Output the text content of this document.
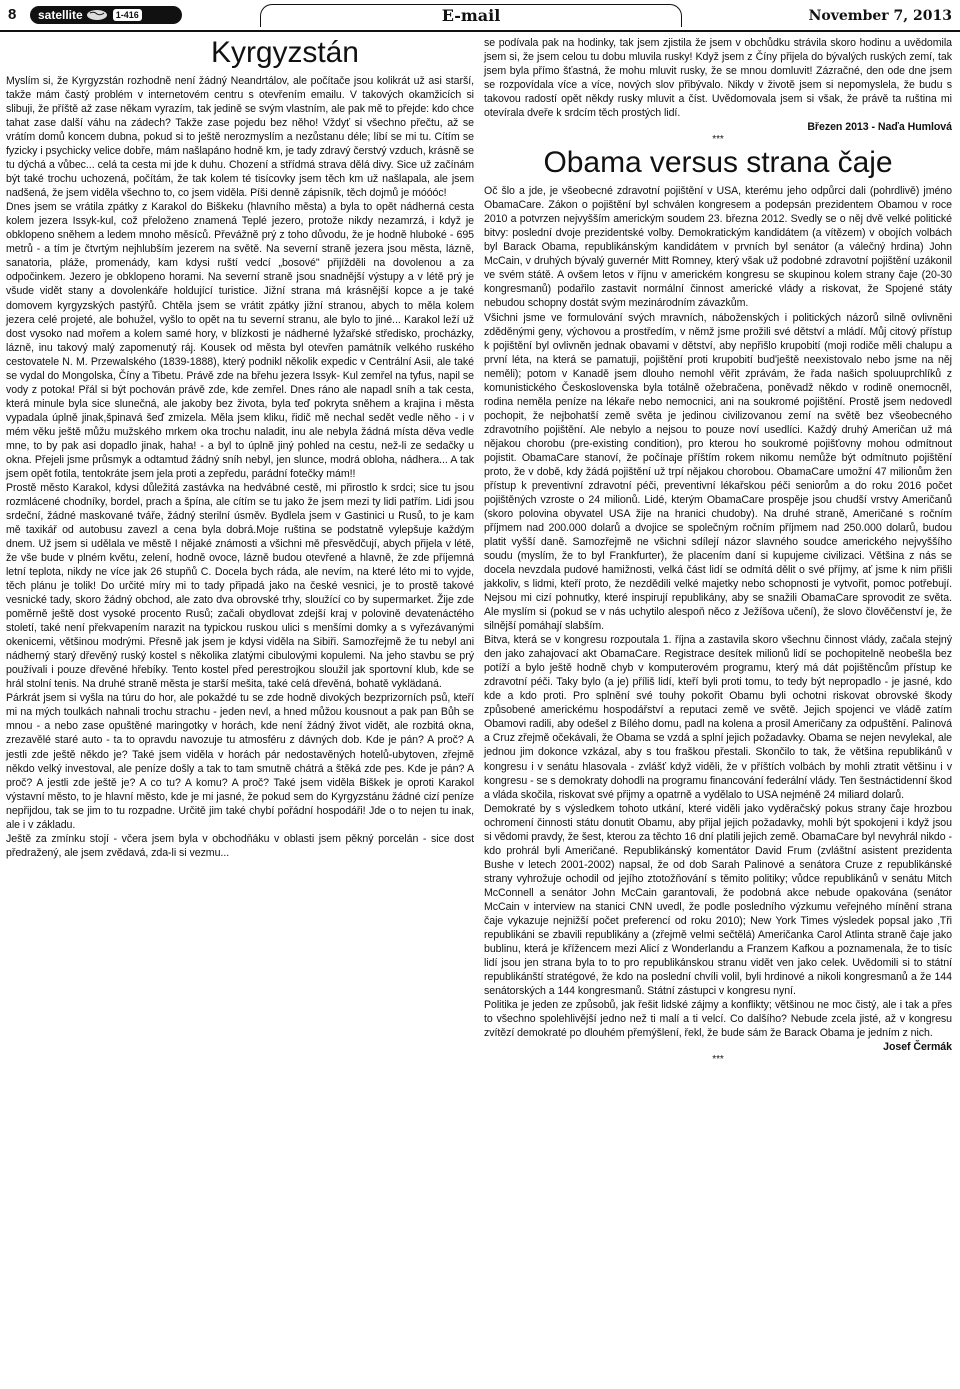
8 satellite	1-416	E-mail	November 7, 2013
Kyrgyzstán

Myslím si, že Kyrgyzstán rozhodně není žádný Neandrtálov, ale počítače jsou kolikrát už asi starší, takže mám častý problém v internetovém centru s otevřením emailu. V takových okamžicích si slibuji, že příště až zase někam vyrazím, tak jedině se svým vlastním, ale pak mě to přejde: kdo chce tahat zase další váhu na zádech? Takže zase pojedu bez něho! Vždyť si všechno přečtu, až se vrátím domů koncem dubna, pokud si to ještě nerozmyslím a nezůstanu déle; líbí se mi tu. Cítím se fyzicky i psychicky velice dobře, mám našlapáno hodně km, je tady zdravý čerstvý vzduch, krásně se tu dýchá a vůbec... celá ta cesta mi jde k duhu. Chození a střídmá strava dělá divy. Sice už začínám být také trochu uchozená, počítám, že tak kolem té tisícovky jsem těch km už našlapala, ale jsem nadšená, že jsem viděla všechno to, co jsem viděla. Píši denně zápisník, těch dojmů je móóóc!

Dnes jsem se vrátila zpátky z Karakol do Biškeku (hlavního města) a byla to opět nádherná cesta kolem jezera Issyk-kul, což přeloženo znamená Teplé jezero, protože nikdy nezamrzá, i když je obklopeno sněhem a ledem mnoho měsíců. Převážně prý z toho důvodu, že je hodně hluboké - 695 metrů - a tím je čtvrtým nejhlubším jezerem na světě. Na severní straně jezera jsou města, lázně, sanatoria, pláže, promenády, kam kdysi ruští vedcí „bosové" přijížděli na dovolenou a za odpočinkem. Jezero je obklopeno horami. Na severní straně jsou snadnější výstupy a v létě prý je všude vidět stany a dovolenkáře holdující turistice. Jižní strana má krásnější kopce a je také domovem kyrgyzských pastýřů. Chtěla jsem se vrátit zpátky jižní stranou, abych to měla kolem jezera celé projeté, ale bohužel, vyšlo to opět na tu severní stranu, ale bylo to jiné... Karakol leží už dost vysoko nad mořem a kolem samé hory, v blízkosti je nádherné lyžařské středisko, procházky, lázně, inu takový malý zapomenutý ráj. Kousek od města byl otevřen památník velkého ruského cestovatele N. M. Przewalského (1839-1888), který podnikl několik expedic v Centrální Asii, ale také se vydal do Mongolska, Číny a Tibetu. Právě zde na břehu jezera Issyk- Kul zemřel na tyfus, napil se vody z potoka! Přál si být pochován právě zde, kde zemřel. Dnes ráno ale napadl sníh a tak cesta, která minule byla sice slunečná, ale jakoby bez života, byla teď pokryta sněhem a krajina i města vypadala úplně jinak,špinavá šeď zmizela. Měla jsem kliku, řidič mě nechal sedět vedle něho - i v mém věku ještě můžu mužského mrkem oka trochu naladit, inu ale nebyla žádná místa děva vedle mne, to by pak asi dopadlo jinak, haha! - a byl to úplně jiný pohled na cestu, než-li ze sedačky u okna. Přejeli jsme průsmyk a odtamtud žádný sníh nebyl, jen slunce, modrá obloha, nádhera... A tak jsem opět fotila, tentokráte jsem jela proti a zepředu, parádní fotečky mám!!

Prostě město Karakol, kdysi důležitá zastávka na hedvábné cestě, mi přirostlo k srdci; sice tu jsou rozmlácené chodníky, bordel, prach a špína, ale cítím se tu jako že jsem mezi ty lidi patřím. Lidi jsou srdeční, žádné maskované tváře, žádný sterilní úsměv. Bydlela jsem v Gastinici u Rusů, to je kam mě taxikář od autobusu zavezl a cena byla dobrá.Moje ruština se podstatně vylepšuje každým dnem. Už jsem si udělala ve městě I nějaké známosti a všichni mě přesvědčují, abych přijela v létě, že vše bude v plném květu, zelení, hodně ovoce, lázně budou otevřené a hlavně, že zde příjemná letní teplota, nikdy ne více jak 26 stupňů C. Docela bych ráda, ale nevím, na které léto mi to vyjde, těch plánu je tolik! Do určité míry mi to tady připadá jako na české vesnici, je to prostě takové vesnické tady, skoro žádný obchod, ale zato dva obrovské trhy, sloužící co by supermarket. Žije zde poměrně ještě dost vysoké procento Rusů; začali obydlovat zdejší kraj v polovině devatenáctého století, také není překvapením narazit na typickou ruskou ulici s menšími domky a s vyřezávanými okenicemi, většinou modrými. Přesně jak jsem je kdysi viděla na Sibiři. Samozřejmě že tu nebyl ani nádherný starý dřevěný ruský kostel s několika zlatými cibulovými kopulemi. Na jeho stavbu se prý používali i pouze dřevěné hřebíky. Tento kostel před perestrojkou sloužil jak sportovní klub, kde se hrál stolní tenis. Na druhé straně města je starší mešita, také celá dřevěná, bohatě vyklädaná.

Párkrát jsem si vyšla na túru do hor, ale pokaždé tu se zde hodně divokých bezprizorních psů, kteří mi na mých toulkách nahnali trochu strachu - jeden nevl, a hned můžou kousnout a pak pan Bůh se mnou - a nebo zase opuštěné maringotky v horách, kde není žádný život vidět, ale rozbitá okna, zrezavělé staré auto - ta to opravdu navozuje tu atmosféru z dávných dob. Kde je pán? A proč? A jestli zde ještě někdo je? Také jsem viděla v horách pár nedostavěných hotelů-ubytoven, zřejmě někdo velký investoval, ale peníze došly a tak to tam smutně chátrá a štěká zde pes. Kde je pán? A proč? A jestli zde ještě je? A co tu? A komu? A proč? Také jsem viděla Biškek je oproti Karakol výstavní město, to je hlavní město, kde je mi jasné, že pokud sem do Kyrgyzstánu žádné cizí peníze nepřijdou, tak se jim to tu rozpadne. Určitě jim také chybí pořádní hospodáři! Jde o to nejen tu inak, ale i v základu.

Ještě za zmínku stojí - včera jsem byla v obchodňáku v oblasti jsem pěkný porcelán - sice dost předražený, ale jsem zvědavá, zda-li si vezmu...

se podívala pak na hodinky, tak jsem zjistila že jsem v obchůdku strávila skoro hodinu a uvědomila jsem si, že jsem celou tu dobu mluvila rusky! Když jsem z Číny přijela do bývalých ruských zemí, tak jsem byla přímo šťastná, že mohu mluvit rusky, že se mnou domluvit! Zázračné, den ode dne jsem se rozpovídala více a více, nových slov přibývalo. Nikdy v životě jsem si nepomyslela, že budu s takovou radostí opět někdy rusky mluvit a číst. Uvědomovala jsem si však, že právě ta ruština mi otevírala dveře k srdcím těch prostých lidí.

Březen 2013 - Naďa Humlová

***

Obama versus strana čaje

Oč šlo a jde, je všeobecné zdravotní pojištění v USA, kterému jeho odpůrci dali (pohrdlivě) jméno ObamaCare. Zákon o pojištění byl schválen kongresem a podepsán prezidentem Obamou v roce 2010 a potvrzen nejvyšším americkým soudem 23. března 2012. Svedly se o něj dvě velké politické bitvy: poslední dvoje prezidentské volby. Demokratickým kandidátem (a vítězem) v obojích volbách byl Barack Obama, republikánským kandidátem v prvních byl senátor (a válečný hrdina) John McCain, v druhých bývalý guvernér Mitt Romney, který však už podobné zdravotní pojištění uzákonil ve svém státě. A ovšem letos v říjnu v americkém kongresu se skupinou kolem strany čaje (20-30 kongresmanů) podařilo zastavit normální činnost americké vlády a riskovat, že Spojené státy nebudou schopny dostát svým mezinárodním závazkům.

Všichni jsme ve formulování svých mravních, náboženských i politických názorů silně ovlivněni zděděnými geny, výchovou a prostředím, v němž jsme prožili své dětství a mládí. Můj citový přístup k pojištění byl ovlivněn jednak obavami v dětství, aby nepřišlo krupobití (moji rodiče měli chalupu a první léta, na která se pamatuji, pojištění proti krupobití bud'ještě neexistovalo nebo jsme na něj neměli); potom v Kanadě jsem dlouho nemohl věřit zprávám, že řada našich spoluuprchlíků z komunistického Československa byla totálně ožebračena, poněvadž někdo v rodině onemocněl, rodina neměla peníze na lékaře nebo nemocnici, ani na soukromé pojištění. Prostě jsem nedovedl pochopit, že nejbohatší země světa je jedinou civilizovanou zemí na světě bez všeobecného zdravotního pojištění. Ale nebylo a nejsou to pouze noví usedlíci. Každý druhý Američan už má nějakou chorobu (pre-existing condition), pro kterou ho soukromé pojišťovny mohou odmítnout pojistit. ObamaCare stanoví, že počínaje příštím rokem nikomu nemůže být odmítnuto pojištění proto, že v době, kdy žádá pojištění už trpí nějakou chorobou. ObamaCare umožní 47 milionům žen přístup k preventivní zdravotní péči, preventivní lékařskou péči seniorům a do roku 2016 počet pojištěných vzroste o 24 milionů. Lidé, kterým ObamaCare prospěje jsou chudší vrstvy Američanů (skoro polovina obyvatel USA žije na hranici chudoby). Na druhé straně, Američané s ročním příjmem nad 200.000 dolarů a dvojice se společným ročním příjmem nad 250.000 dolarů, budou platit vyšší daně. Samozřejmě ne všichni sdílejí názor slavného soudce amerického nejvyššího soudu (myslím, že to byl Frankfurter), že placením daní si kupujeme civilizaci. Většina z nás se docela nevzdala pudové hamižnosti, velká část lidí se odmítá dělit o své příjmy, ať jsme k nim přišli jakkoliv, s lidmi, kteří proto, že nezdědili velké majetky nebo schopnosti je vytvořit, pomoc potřebují. Nejsou mi cizí pohnutky, které inspirují republikány, aby se snažili ObamaCare sprovodit ze světa. Ale myslím si (pokud se v nás uchytilo alespoň něco z Ježíšova učení), že slovo člověčenství je, že silnější pomáhají slabším.

Bitva, která se v kongresu rozpoutala 1. října a zastavila skoro všechnu činnost vlády, začala stejný den jako zahajovací akt ObamaCare. Registrace desítek milionů lidí se pochopitelně neobešla bez potíží a bylo ještě hodně chyb v komputerovém programu, který má dát pojištěncům přístup ke zdravotní péči. Taky bylo (a je) příliš lidí, kteří byli proti tomu, to tedy být nepropadlo - je jasné, kdo kde a kdo proti. Pro splnění své touhy pokořit Obamu byli ochotni riskovat obrovské škody způsobené americkému hospodářství a reputaci země ve světě. Jejich spojenci ve vládě zatím Obamovi radili, aby odešel z Bílého domu, padl na kolena a prosil Američany za odpuštění. Palinová a Cruz zřejmě očekávali, že Obama se vzdá a splní jejich požadavky. Obama se nejen nevylekal, ale jednou jim dokonce vzkázal, aby s tou fraškou přestali. Skončilo to tak, že většina republikánů v kongresu i v senátu hlasovala - zvlášť když viděli, že v příštích volbách by mohli ztratit většinu i v kongresu - se s demokraty dohodli na programu financování federální vlády. Ten šestnáctidenní škod a vláda skočila, riskovat své přijmy a opatrně a vydělalo to USA nejméně 24 miliard dolarů.

Demokraté by s výsledkem tohoto utkání, které viděli jako vyděračský pokus strany čaje hrozbou ochromení činnosti státu donutit Obamu, aby přijal jejich požadavky, mohli být spokojeni i když jsou si vědomi pravdy, že šest, kterou za těchto 16 dní platili jejich země. ObamaCare byl nevyhrál nikdo - kdo prohrál byli Američané. Republikánský komentátor David Frum (zvláštní asistent prezidenta Bushe v letech 2001-2002) napsal, že od dob Sarah Palinové a senátora Cruze z republikánské strany vyhrožuje ochodil od jejího ztotožňování s těmito politiky; vůdce republikánů v senátu Mitch McConnell a senátor John McCain garantovali, že podobná akce nebude opakována (senátor McCain v interview na stanici CNN uvedl, že podle posledního výzkumu veřejného mínění strana čaje vykazuje nejnižší počet preferencí od roku 2010); New York Times výsledek popsal jako ‚Tři republikáni se zbavili republikány a (zřejmě velmi sečtělá) Američanka Carol Atlinta straně čaje jako bublinu, která je křížencem mezi Alicí z Wonderlandu a Franzem Kafkou a poznamenala, že to tisíc lidí jsou jen strana byla to to pro republikánskou stranu vidět ven jako celek. Uvědomili si to státní republikánští stratégové, že kdo na poslední chvíli volil, byli hrdinové a nikoli kongresmanů a že 144 senátorských a 144 kongresmanů. Státní zástupci v kongresu nyní.

Politika je jeden ze způsobů, jak řešit lidské zájmy a konflikty; většinou ne moc čistý, ale i tak a přes to všechno spolehlivější jedno než ti malí a ti velcí. Co dalšího? Nebude zcela jisté, až v kongresu zvítězí demokraté po dlouhém přemýšlení, řekl, že bude sám že Barack Obama je jedním z nich.

Josef Čermák

***
